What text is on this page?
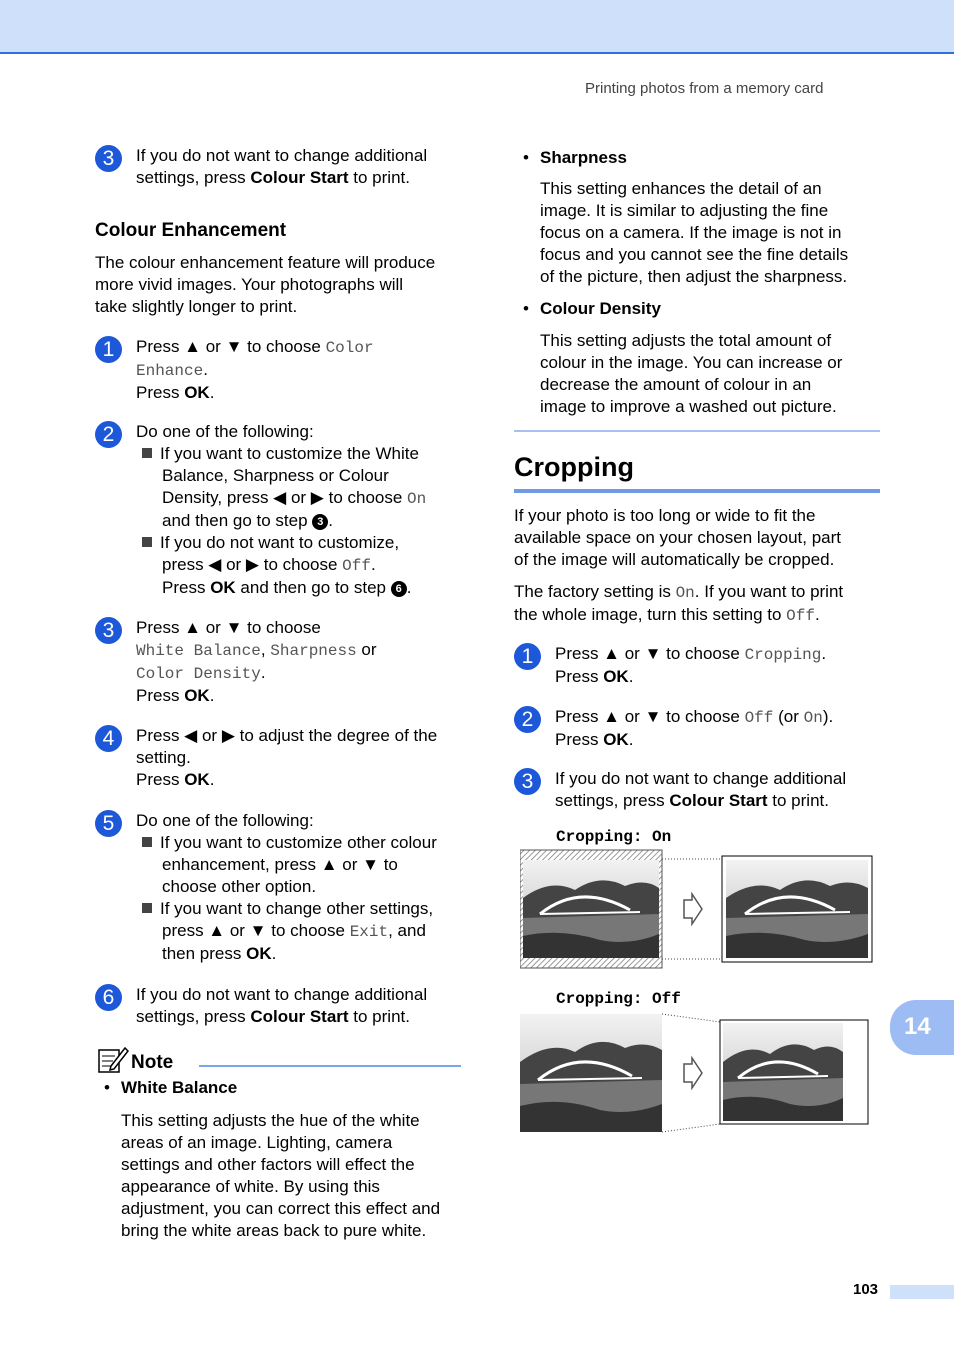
Printing photos from a memory card
3	If you do not want to change additional
settings, press Colour Start to print.
Colour Enhancement
The colour enhancement feature will produce
more vivid images. Your photographs will
take slightly longer to print.
1	Press ▲ or ▼ to choose Color
Enhance.
Press OK.
2	Do one of the following:
If you want to customize the White
Balance, Sharpness or Colour
Density, press ◀ or ▶ to choose On
and then go to step 3 .
If you do not want to customize,
press ◀ or ▶ to choose Off.
Press OK and then go to step 6 .
3	Press ▲ or ▼ to choose
White Balance, Sharpness or
Color Density.
Press OK.
4	Press ◀ or ▶ to adjust the degree of the
setting.
Press OK.
5	Do one of the following:
If you want to customize other colour
enhancement, press ▲ or ▼ to
choose other option.
If you want to change other settings,
press ▲ or ▼ to choose Exit, and
then press OK.
6	If you do not want to change additional
settings, press Colour Start to print.
Note
• White Balance
This setting adjusts the hue of the white
areas of an image. Lighting, camera
settings and other factors will effect the
appearance of white. By using this
adjustment, you can correct this effect and
bring the white areas back to pure white.
• Sharpness
This setting enhances the detail of an
image. It is similar to adjusting the fine
focus on a camera. If the image is not in
focus and you cannot see the fine details
of the picture, then adjust the sharpness.
• Colour Density
This setting adjusts the total amount of
colour in the image. You can increase or
decrease the amount of colour in an
image to improve a washed out picture.
Cropping
If your photo is too long or wide to fit the
available space on your chosen layout, part
of the image will automatically be cropped.
The factory setting is On. If you want to print
the whole image, turn this setting to Off.
1	Press ▲ or ▼ to choose Cropping.
Press OK.
2	Press ▲ or ▼ to choose Off (or On).
Press OK.
3	If you do not want to change additional
settings, press Colour Start to print.
Cropping: On
Cropping: Off
14
103
